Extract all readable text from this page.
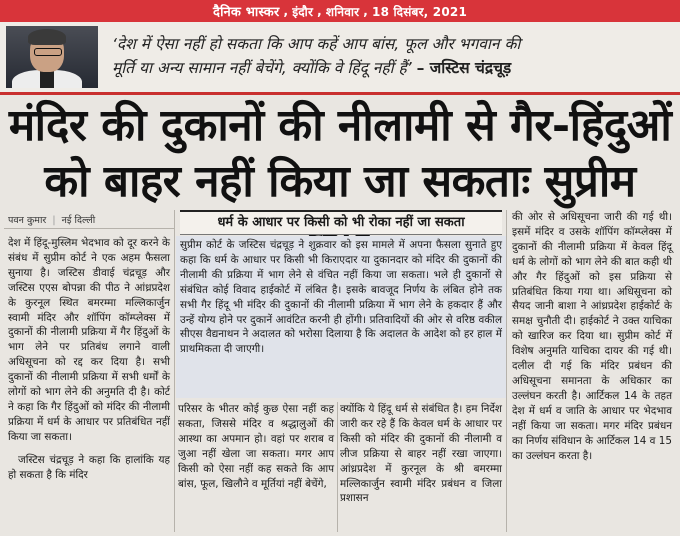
दैनिक भास्कर , इंदौर , शनिवार , 18 दिसंबर, 2021
‘देश में ऐसा नहीं हो सकता कि आप कहें आप बांस, फूल और भगवान की
मूर्ति या अन्य सामान नहीं बेचेंगे, क्योंकि वे हिंदू नहीं हैं’ – जस्टिस चंद्रचूड़
मंदिर की दुकानों की नीलामी से गैर-हिंदुओं
को बाहर नहीं किया जा सकताः सुप्रीम
पवन कुमार | नई दिल्ली	धर्म के आधार पर किसी को भी रोका नहीं जा सकता

देश में हिंदू-मुस्लिम भेदभाव को दूर करने के संबंध में सुप्रीम कोर्ट ने एक अहम फैसला सुनाया है। जस्टिस डीवाई चंद्रचूड़ और जस्टिस एएस बोपन्ना की पीठ ने आंध्रप्रदेश के कुरनूल स्थित बमरम्मा मल्लिकार्जुन स्वामी मंदिर और शॉपिंग कॉम्प्लेक्स में दुकानों की नीलामी प्रक्रिया में गैर हिंदुओं के भाग लेने पर प्रतिबंध लगाने वाली अधिसूचना को रद्द कर दिया है। सभी दुकानों की नीलामी प्रक्रिया में सभी धर्मों के लोगों को भाग लेने की अनुमति दी है। कोर्ट ने कहा कि गैर हिंदुओं को मंदिर की नीलामी प्रक्रिया में धर्म के आधार पर प्रतिबंधित नहीं किया जा सकता।

जस्टिस चंद्रचूड़ ने कहा कि हालांकि यह हो सकता है कि मंदिर

सुप्रीम कोर्ट के जस्टिस चंद्रचूड़ ने शुक्रवार को इस मामले में अपना फैसला सुनाते हुए कहा कि धर्म के आधार पर किसी भी किराएदार या दुकानदार को मंदिर की दुकानों की नीलामी की प्रक्रिया में भाग लेने से वंचित नहीं किया जा सकता। भले ही दुकानों से संबंधित कोई विवाद हाईकोर्ट में लंबित है। इसके बावजूद निर्णय के लंबित होने तक सभी गैर हिंदू भी मंदिर की दुकानों की नीलामी प्रक्रिया में भाग लेने के हकदार हैं और उन्हें योग्य होने पर दुकानें आवंटित करनी ही होंगी। प्रतिवादियों की ओर से वरिष्ठ वकील सीएस वैद्यनाथन ने अदालत को भरोसा दिलाया है कि अदालत के आदेश को हर हाल में प्राथमिकता दी जाएगी।
परिसर के भीतर कोई कुछ ऐसा नहीं कह सकता, जिससे मंदिर व श्रद्धालुओं की आस्था का अपमान हो। वहां पर शराब व जुआ नहीं खेला जा सकता। मगर आप किसी को ऐसा नहीं कह सकते कि आप बांस, फूल, खिलौने व मूर्तियां नहीं बेचेंगे,
क्योंकि ये हिंदू धर्म से संबंधित है। हम निर्देश जारी कर रहे हैं कि केवल धर्म के आधार पर किसी को मंदिर की दुकानों की नीलामी व लीज प्रक्रिया से बाहर नहीं रखा जाएगा। आंध्रप्रदेश में कुरनूल के श्री बमरम्मा मल्लिकार्जुन स्वामी मंदिर प्रबंधन व जिला प्रशासन
की ओर से अधिसूचना जारी की गई थी। इसमें मंदिर व उसके शॉपिंग कॉम्प्लेक्स में दुकानों की नीलामी प्रक्रिया में केवल हिंदू धर्म के लोगों को भाग लेने की बात कही थी और गैर हिंदुओं को इस प्रक्रिया से प्रतिबंधित किया गया था। अधिसूचना को सैयद जानी बाशा ने आंध्रप्रदेश हाईकोर्ट के समक्ष चुनौती दी। हाईकोर्ट ने उक्त याचिका को खारिज कर दिया था। सुप्रीम कोर्ट में विशेष अनुमति याचिका दायर की गई थी। दलील दी गई कि मंदिर प्रबंधन की अधिसूचना समानता के अधिकार का उल्लंघन करती है। आर्टिकल 14 के तहत देश में धर्म व जाति के आधार पर भेदभाव नहीं किया जा सकता। मगर मंदिर प्रबंधन का निर्णय संविधान के आर्टिकल 14 व 15 का उल्लंघन करता है।
